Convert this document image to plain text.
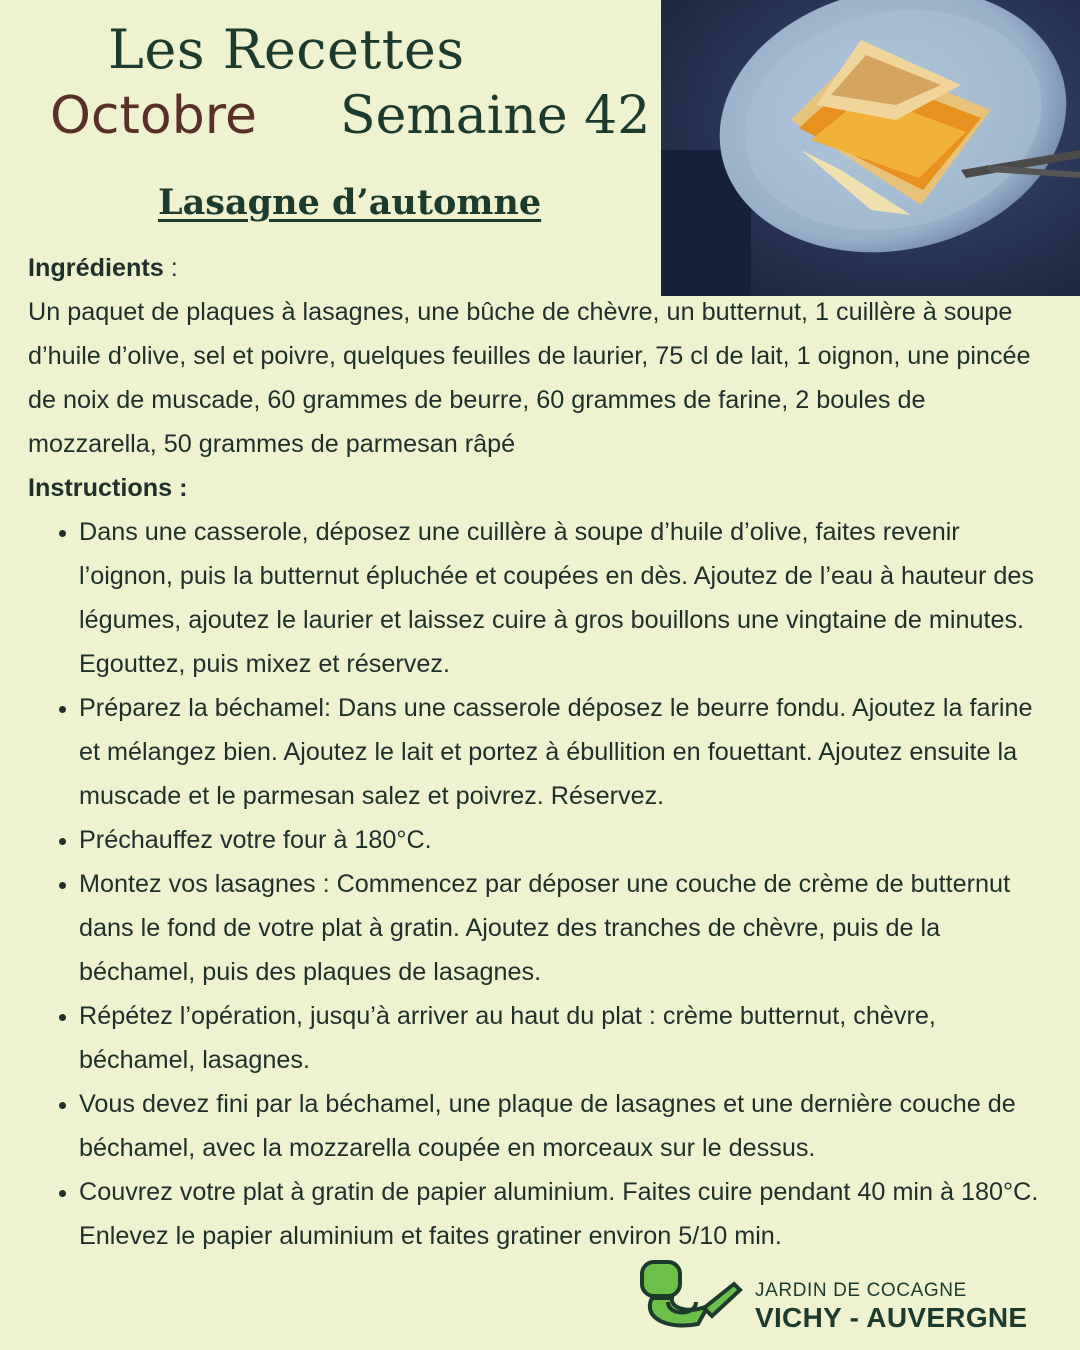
Les Recettes
Octobre Semaine 42
Lasagne d’automne
Ingrédients :

Un paquet de plaques à lasagnes, une bûche de chèvre, un butternut, 1 cuillère à soupe d’huile d’olive, sel et poivre, quelques feuilles de laurier, 75 cl de lait, 1 oignon, une pincée de noix de muscade, 60 grammes de beurre, 60 grammes de farine, 2 boules de mozzarella, 50 grammes de parmesan râpé

Instructions :
• Dans une casserole, déposez une cuillère à soupe d’huile d’olive, faites revenir l’oignon, puis la butternut épluchée et coupées en dès. Ajoutez de l’eau à hauteur des légumes, ajoutez le laurier et laissez cuire à gros bouillons une vingtaine de minutes. Egouttez, puis mixez et réservez.
• Préparez la béchamel: Dans une casserole déposez le beurre fondu. Ajoutez la farine et mélangez bien. Ajoutez le lait et portez à ébullition en fouettant. Ajoutez ensuite la muscade et le parmesan salez et poivrez. Réservez.
• Préchauffez votre four à 180°C.
• Montez vos lasagnes : Commencez par déposer une couche de crème de butternut dans le fond de votre plat à gratin. Ajoutez des tranches de chèvre, puis de la béchamel, puis des plaques de lasagnes.
• Répétez l’opération, jusqu’à arriver au haut du plat : crème butternut, chèvre, béchamel, lasagnes.
• Vous devez fini par la béchamel, une plaque de lasagnes et une dernière couche de béchamel, avec la mozzarella coupée en morceaux sur le dessus.
• Couvrez votre plat à gratin de papier aluminium. Faites cuire pendant 40 min à 180°C. Enlevez le papier aluminium et faites gratiner environ 5/10 min.
JARDIN DE COCAGNE
VICHY - AUVERGNE
